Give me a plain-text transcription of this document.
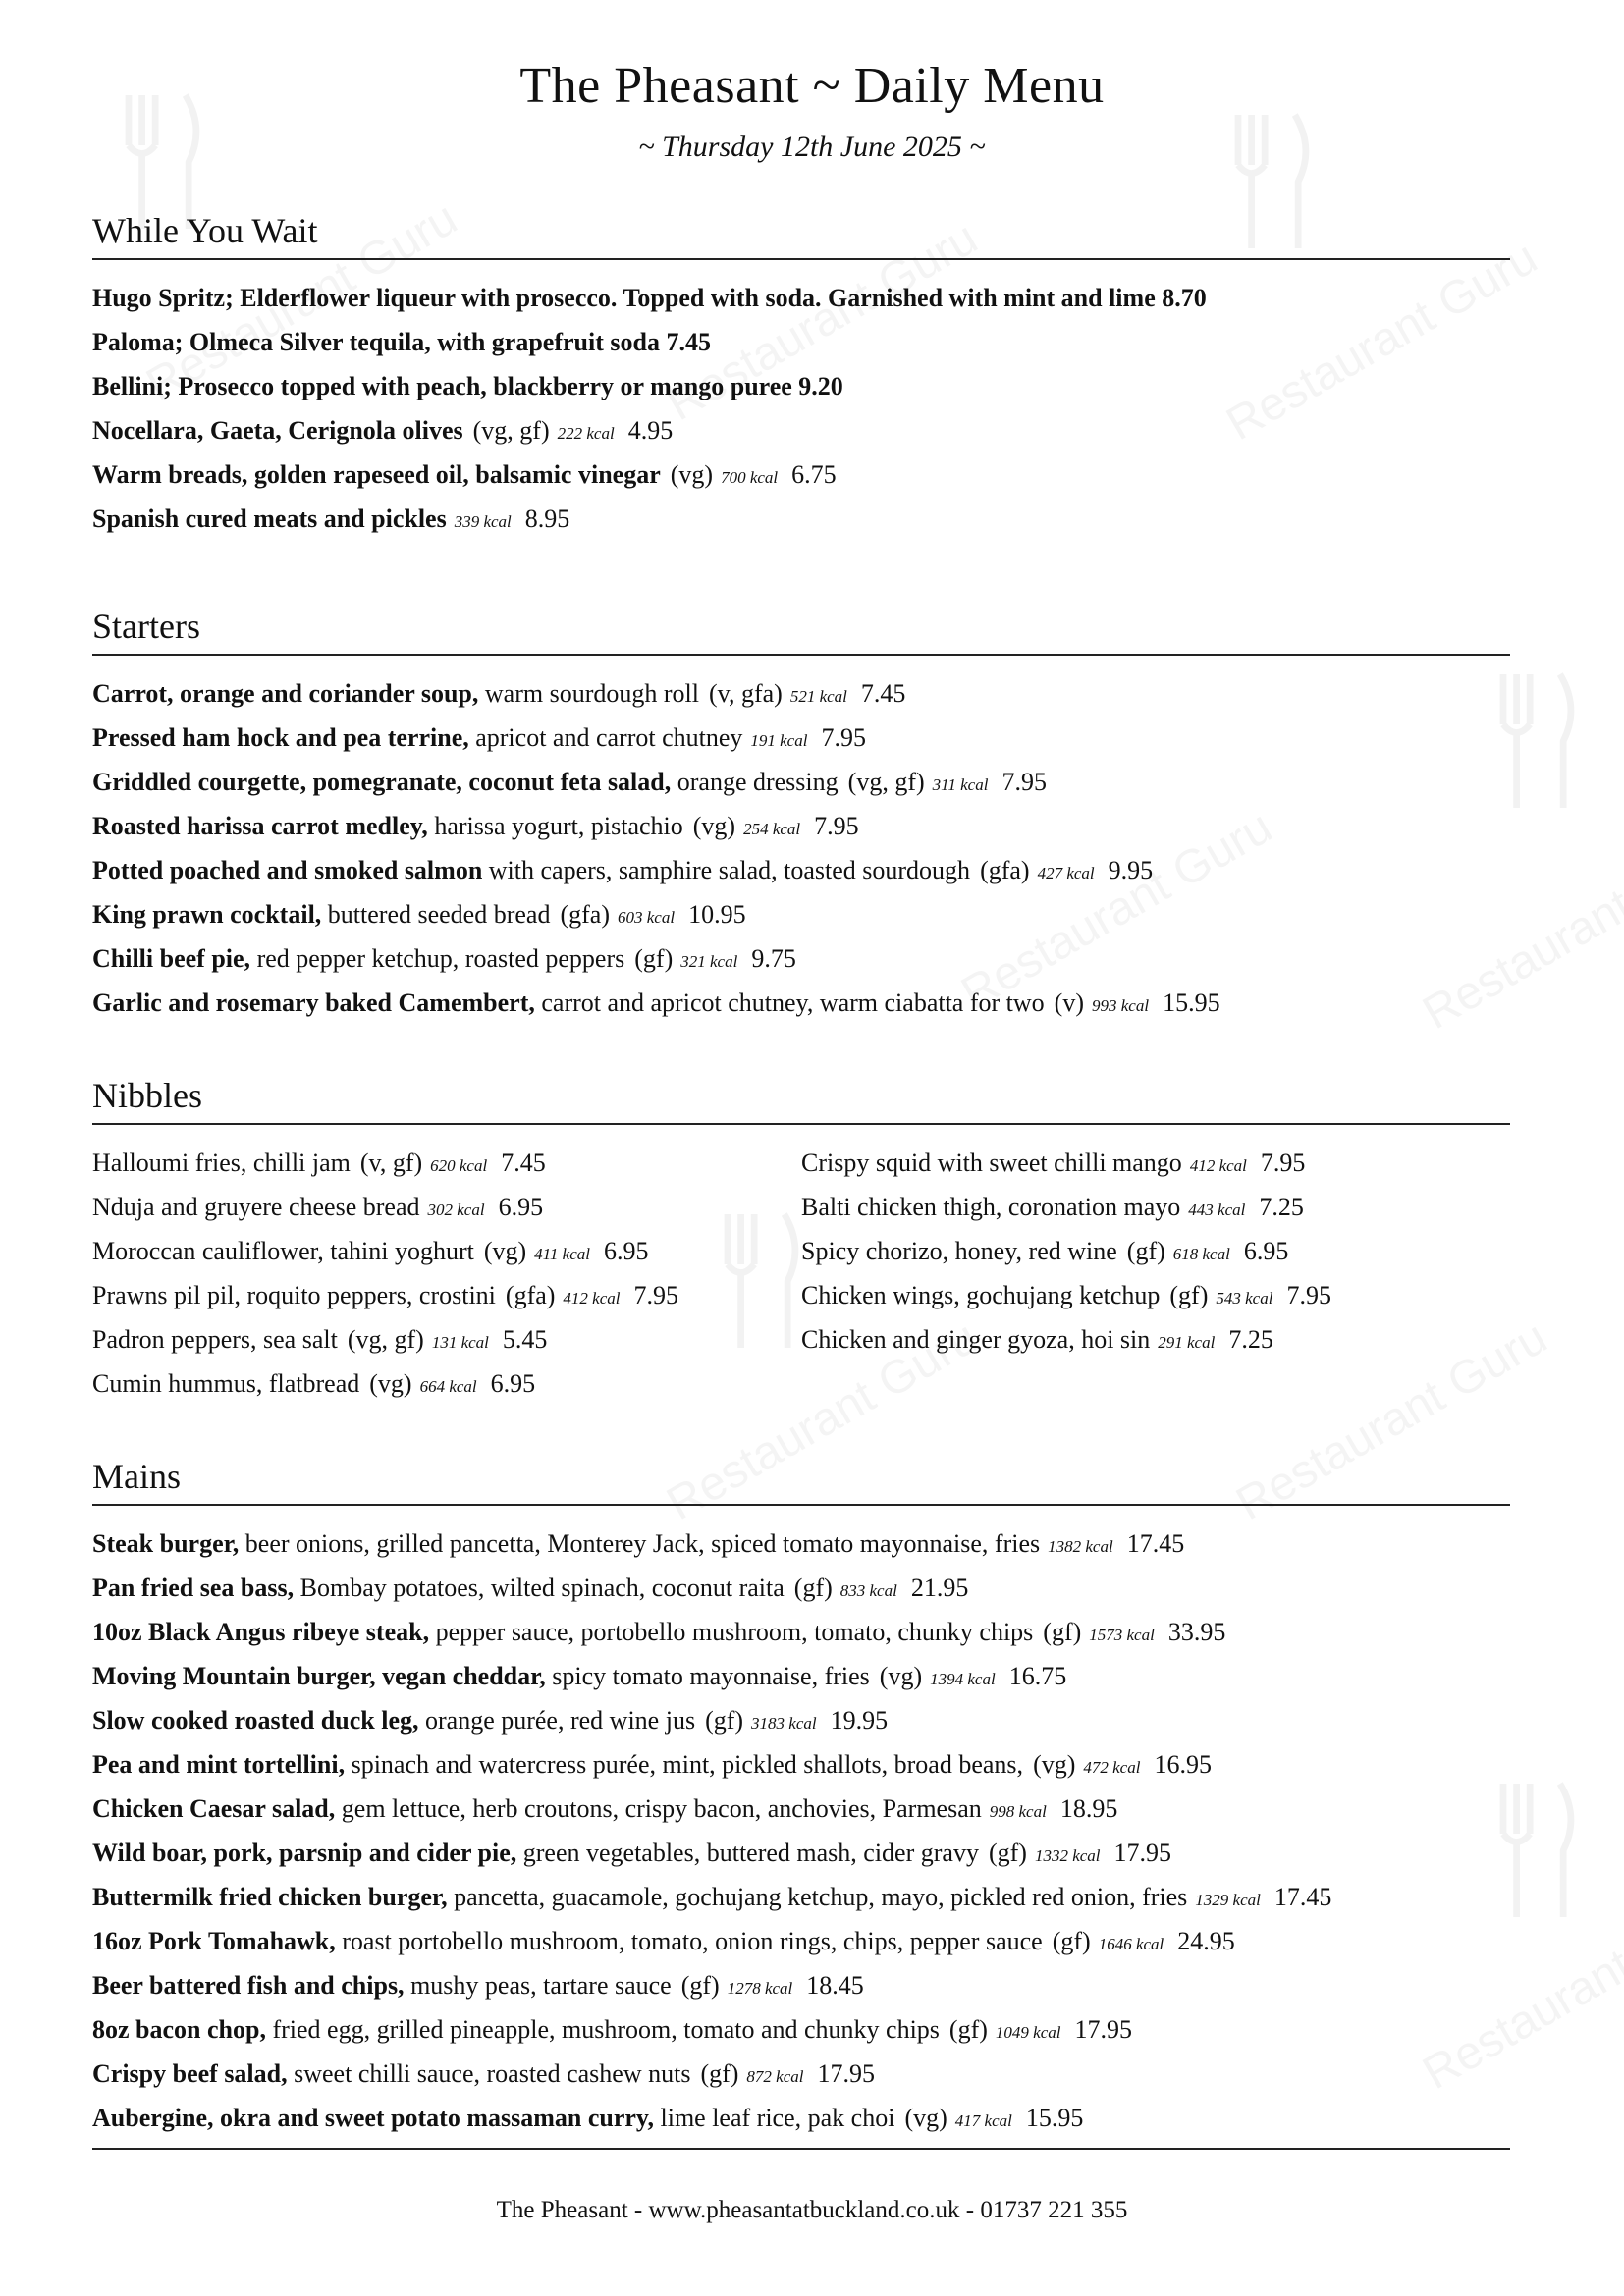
The Pheasant ~ Daily Menu
~ Thursday 12th June 2025 ~
While You Wait
Hugo Spritz; Elderflower liqueur with prosecco. Topped with soda. Garnished with mint and lime 8.70
Paloma; Olmeca Silver tequila, with grapefruit soda 7.45
Bellini; Prosecco topped with peach, blackberry or mango puree 9.20
Nocellara, Gaeta, Cerignola olives (vg, gf) 222 kcal 4.95
Warm breads, golden rapeseed oil, balsamic vinegar (vg) 700 kcal 6.75
Spanish cured meats and pickles 339 kcal 8.95
Starters
Carrot, orange and coriander soup, warm sourdough roll (v, gfa) 521 kcal 7.45
Pressed ham hock and pea terrine, apricot and carrot chutney 191 kcal 7.95
Griddled courgette, pomegranate, coconut feta salad, orange dressing (vg, gf) 311 kcal 7.95
Roasted harissa carrot medley, harissa yogurt, pistachio (vg) 254 kcal 7.95
Potted poached and smoked salmon with capers, samphire salad, toasted sourdough (gfa) 427 kcal 9.95
King prawn cocktail, buttered seeded bread (gfa) 603 kcal 10.95
Chilli beef pie, red pepper ketchup, roasted peppers (gf) 321 kcal 9.75
Garlic and rosemary baked Camembert, carrot and apricot chutney, warm ciabatta for two (v) 993 kcal 15.95
Nibbles
Halloumi fries, chilli jam (v, gf) 620 kcal 7.45
Nduja and gruyere cheese bread 302 kcal 6.95
Moroccan cauliflower, tahini yoghurt (vg) 411 kcal 6.95
Prawns pil pil, roquito peppers, crostini (gfa) 412 kcal 7.95
Padron peppers, sea salt (vg, gf) 131 kcal 5.45
Cumin hummus, flatbread (vg) 664 kcal 6.95
Crispy squid with sweet chilli mango 412 kcal 7.95
Balti chicken thigh, coronation mayo 443 kcal 7.25
Spicy chorizo, honey, red wine (gf) 618 kcal 6.95
Chicken wings, gochujang ketchup (gf) 543 kcal 7.95
Chicken and ginger gyoza, hoi sin 291 kcal 7.25
Mains
Steak burger, beer onions, grilled pancetta, Monterey Jack, spiced tomato mayonnaise, fries 1382 kcal 17.45
Pan fried sea bass, Bombay potatoes, wilted spinach, coconut raita (gf) 833 kcal 21.95
10oz Black Angus ribeye steak, pepper sauce, portobello mushroom, tomato, chunky chips (gf) 1573 kcal 33.95
Moving Mountain burger, vegan cheddar, spicy tomato mayonnaise, fries (vg) 1394 kcal 16.75
Slow cooked roasted duck leg, orange purée, red wine jus (gf) 3183 kcal 19.95
Pea and mint tortellini, spinach and watercress purée, mint, pickled shallots, broad beans, (vg) 472 kcal 16.95
Chicken Caesar salad, gem lettuce, herb croutons, crispy bacon, anchovies, Parmesan 998 kcal 18.95
Wild boar, pork, parsnip and cider pie, green vegetables, buttered mash, cider gravy (gf) 1332 kcal 17.95
Buttermilk fried chicken burger, pancetta, guacamole, gochujang ketchup, mayo, pickled red onion, fries 1329 kcal 17.45
16oz Pork Tomahawk, roast portobello mushroom, tomato, onion rings, chips, pepper sauce (gf) 1646 kcal 24.95
Beer battered fish and chips, mushy peas, tartare sauce (gf) 1278 kcal 18.45
8oz bacon chop, fried egg, grilled pineapple, mushroom, tomato and chunky chips (gf) 1049 kcal 17.95
Crispy beef salad, sweet chilli sauce, roasted cashew nuts (gf) 872 kcal 17.95
Aubergine, okra and sweet potato massaman curry, lime leaf rice, pak choi (vg) 417 kcal 15.95
The Pheasant - www.pheasantatbuckland.co.uk - 01737 221 355
